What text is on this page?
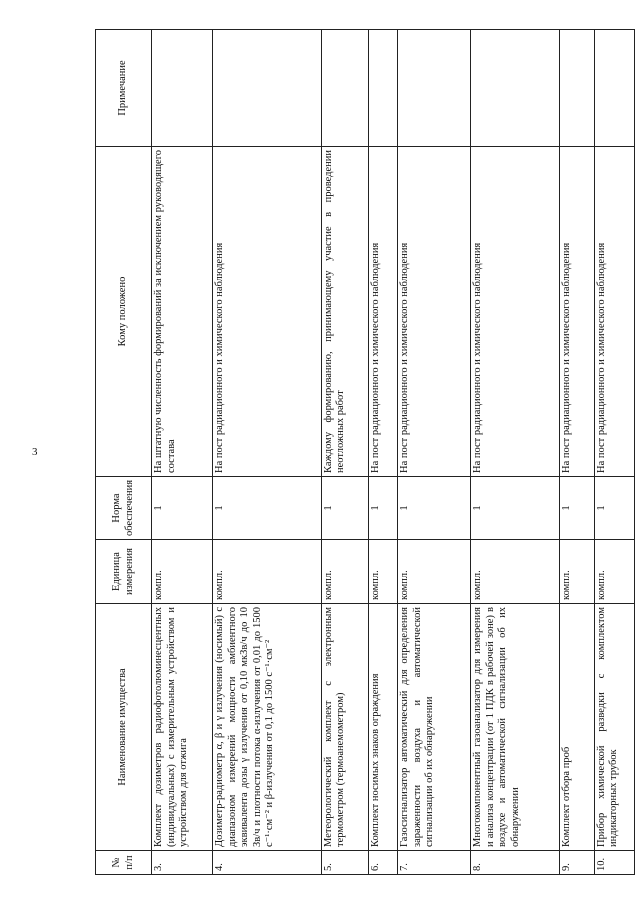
3
№ п/п	Наименование имущества	Единица измерения	Норма обеспечения	Кому положено	Примечание
3.	Комплект дозиметров радиофотолюминесцентных (индивидуальных) с измерительным устройством и устройством для отжига	компл.	1	На штатную численность формирований за исключением руководящего состава	
4.	Дозиметр-радиометр α, β и γ излучения (носимый) с диапазоном измерений мощности амбиентного эквивалента дозы γ излучения от 0,10 мкЗв/ч до 10 Зв/ч и плотности потока α-излучения от 0,01 до 1500 с⁻¹·см⁻² и β-излучения от 0,1 до 1500 с⁻¹·см⁻²	компл.	1	На пост радиационного и химического наблюдения	
5.	Метеорологический комплект с электронным термометром (термоанемометром)	компл.	1	Каждому формированию, принимающему участие в проведении неотложных работ	
6.	Комплект носимых знаков ограждения	компл.	1	На пост радиационного и химического наблюдения	
7.	Газосигнализатор автоматический для определения зараженности воздуха и автоматической сигнализации об их обнаружении	компл.	1	На пост радиационного и химического наблюдения	
8.	Многокомпонентный газоанализатор для измерения и анализа концентрации (от 1 ПДК в рабочей зоне) в воздухе и автоматической сигнализации об их обнаружении	компл.	1	На пост радиационного и химического наблюдения	
9.	Комплект отбора проб	компл.	1	На пост радиационного и химического наблюдения	
10.	Прибор химической разведки с комплектом индикаторных трубок	компл.	1	На пост радиационного и химического наблюдения	
